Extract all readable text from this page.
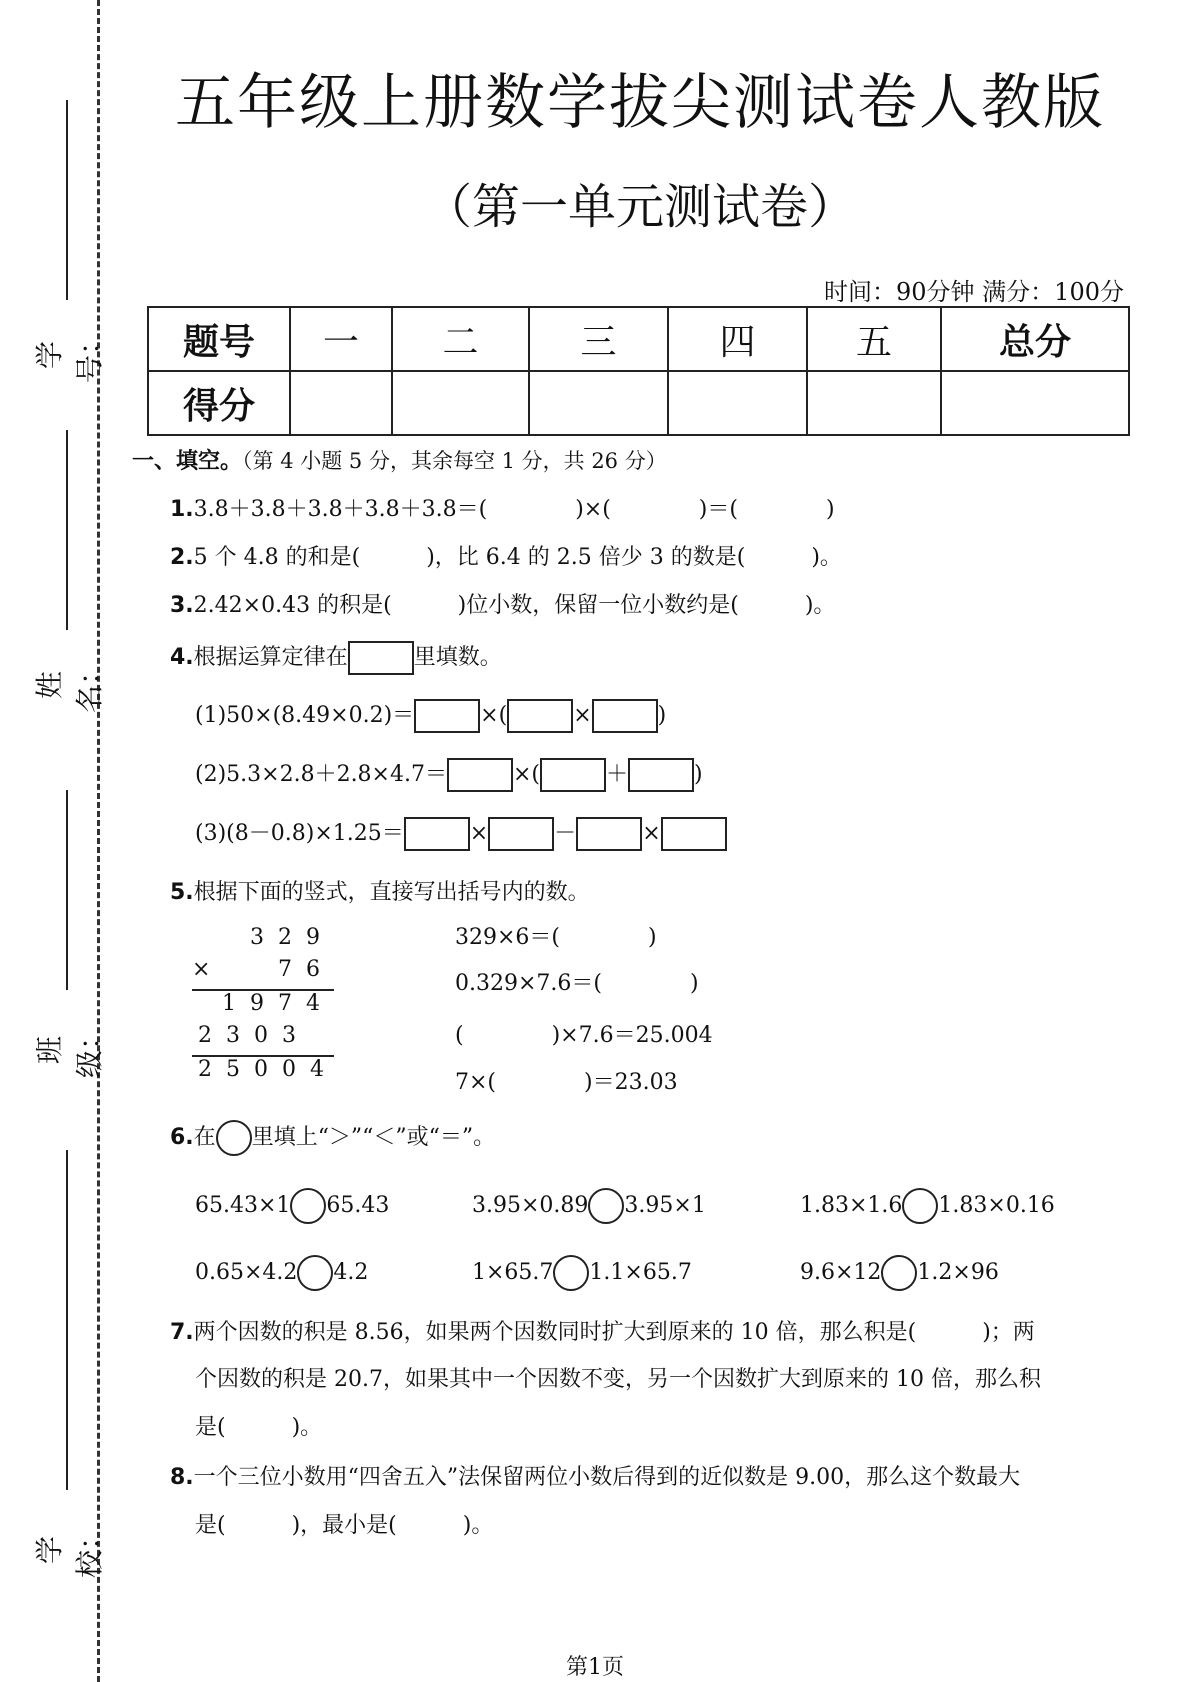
学号：
姓名：
班级：
学校：
五年级上册数学拔尖测试卷人教版
（第一单元测试卷）
时间：90分钟 满分：100分
题号	一	二	三	四	五	总分
得分						
一、填空。（第 4 小题 5 分，其余每空 1 分，共 26 分）
1.3.8＋3.8＋3.8＋3.8＋3.8＝(　　　　)×(　　　　)＝(　　　　)
2.5 个 4.8 的和是(　　　)，比 6.4 的 2.5 倍少 3 的数是(　　　)。
3.2.42×0.43 的积是(　　　)位小数，保留一位小数约是(　　　)。
4.根据运算定律在	里填数。
(1)50×(8.49×0.2)＝	×(	×	)
(2)5.3×2.8＋2.8×4.7＝	×(	＋	)
(3)(8－0.8)×1.25＝	×	－	×
5.根据下面的竖式，直接写出括号内的数。
329
× 76
1974
2303
25004
329×6＝(　　　　)
0.329×7.6＝(　　　　)
(　　　　)×7.6＝25.004
7×(　　　　)＝23.03
6.在 里填上“＞”“＜”或“＝”。
65.43×1 65.43	3.95×0.89 3.95×1	1.83×1.6 1.83×0.16
0.65×4.2 4.2	1×65.7 1.1×65.7	9.6×12 1.2×96
7.两个因数的积是 8.56，如果两个因数同时扩大到原来的 10 倍，那么积是(　　　)；两
个因数的积是 20.7，如果其中一个因数不变，另一个因数扩大到原来的 10 倍，那么积
是(　　　)。
8.一个三位小数用“四舍五入”法保留两位小数后得到的近似数是 9.00，那么这个数最大
是(　　　)，最小是(　　　)。
第1页
